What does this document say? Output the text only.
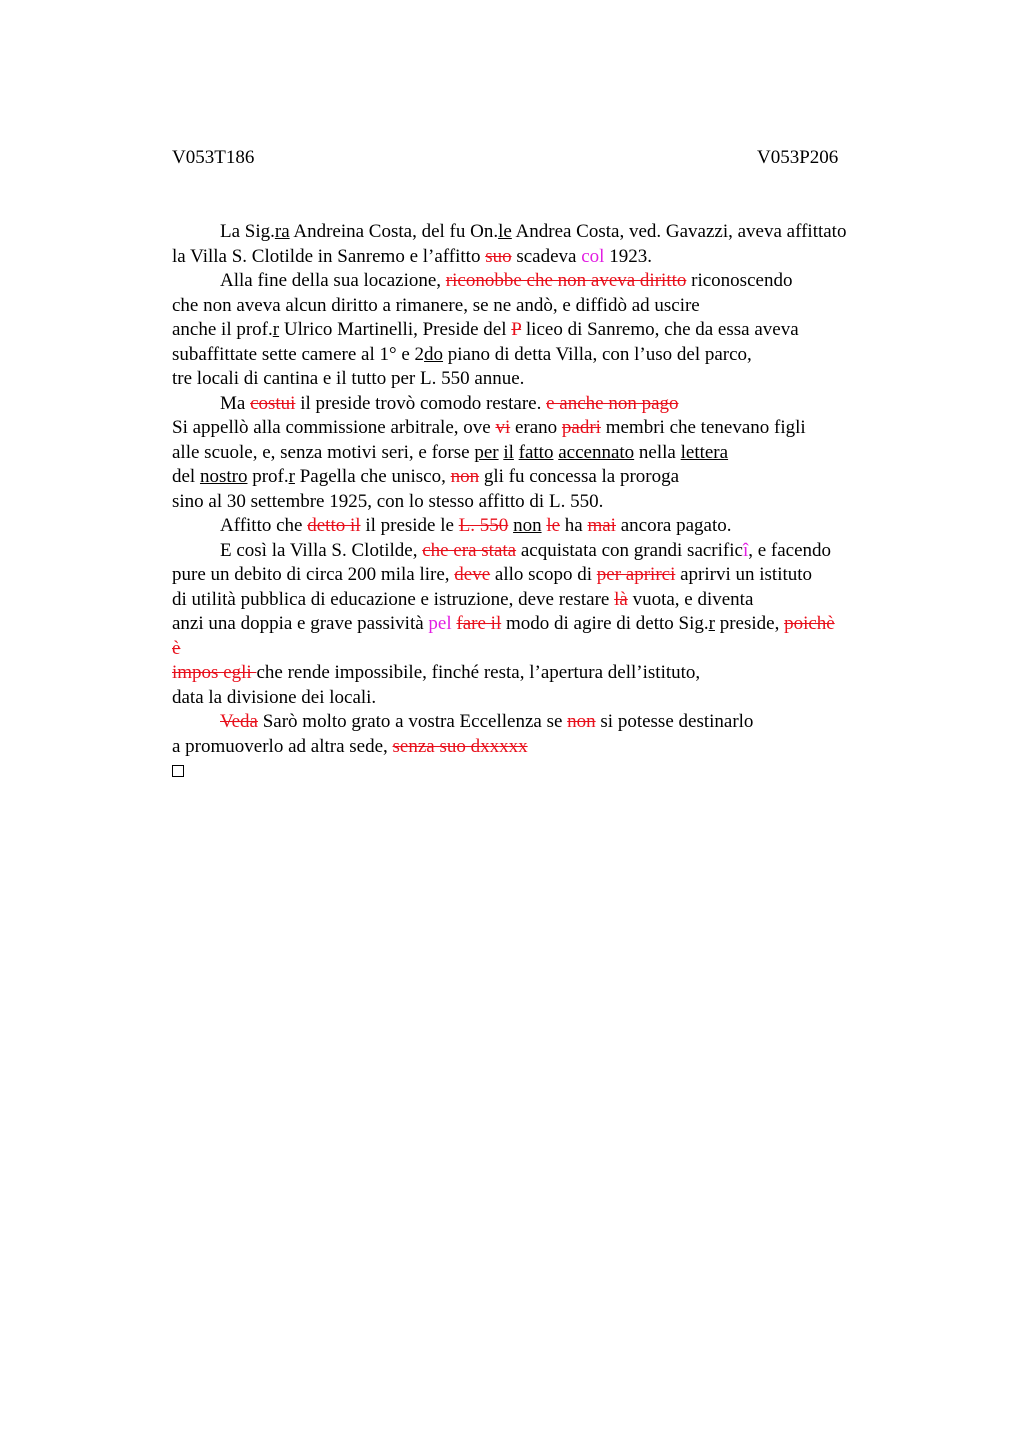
V053T186	V053P206
La Sig.ra Andreina Costa, del fu On.le Andrea Costa, ved. Gavazzi, aveva affittato
la Villa S. Clotilde in Sanremo e l’affitto suo scadeva col 1923.
Alla fine della sua locazione, riconobbe che non aveva diritto riconoscendo
che non aveva alcun diritto a rimanere, se ne andò, e diffidò ad uscire
anche il prof.r Ulrico Martinelli, Preside del P liceo di Sanremo, che da essa aveva
subaffittate sette camere al 1° e 2do piano di detta Villa, con l’uso del parco,
tre locali di cantina e il tutto per L. 550 annue.
Ma costui il preside trovò comodo restare. e anche non pago
Si appellò alla commissione arbitrale, ove vi erano padri membri che tenevano figli
alle scuole, e, senza motivi seri, e forse per il fatto accennato nella lettera
del nostro prof.r Pagella che unisco, non gli fu concessa la proroga
sino al 30 settembre 1925, con lo stesso affitto di L. 550.
Affitto che detto il il preside le L. 550 non le ha mai ancora pagato.
E così la Villa S. Clotilde, che era stata acquistata con grandi sacrificî, e facendo
pure un debito di circa 200 mila lire, deve allo scopo di per aprirci aprirvi un istituto
di utilità pubblica di educazione e istruzione, deve restare là vuota, e diventa
anzi una doppia e grave passività pel fare il modo di agire di detto Sig.r preside, poichè
è
impos egli che rende impossibile, finché resta, l’apertura dell’istituto,
data la divisione dei locali.
Veda Sarò molto grato a vostra Eccellenza se non si potesse destinarlo
a promuoverlo ad altra sede, senza suo dxxxxx
